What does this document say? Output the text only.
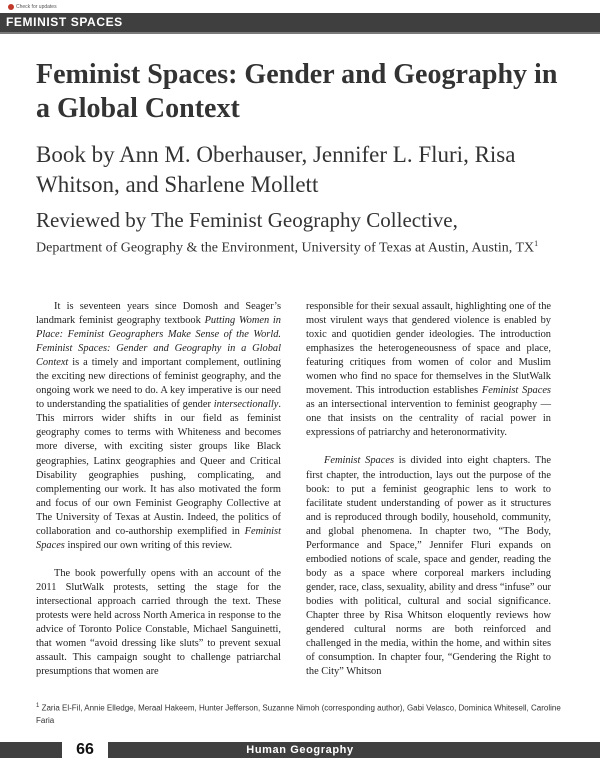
Check for updates
FEMINIST SPACES
Feminist Spaces: Gender and Geography in a Global Context
Book by Ann M. Oberhauser, Jennifer L. Fluri, Risa Whitson, and Sharlene Mollett
Reviewed by The Feminist Geography Collective,
Department of Geography & the Environment, University of Texas at Austin, Austin, $TX^1$

It is seventeen years since Domosh and Seager’s landmark feminist geography textbook Putting Women in Place: Feminist Geographers Make Sense of the World. Feminist Spaces: Gender and Geography in a Global Context is a timely and important complement, outlining the exciting new directions of feminist geography, and the ongoing work we need to do. A key imperative is our need to understanding the spatialities of gender intersectionally. This mirrors wider shifts in our field as feminist geography comes to terms with Whiteness and becomes more diverse, with exciting sister groups like Black geographies, Latinx geographies and Queer and Critical Disability geographies pushing, complicating, and complementing our work. It has also motivated the form and focus of our own Feminist Geography Collective at The University of Texas at Austin. Indeed, the politics of collaboration and co-authorship exemplified in Feminist Spaces inspired our own writing of this review.

The book powerfully opens with an account of the 2011 SlutWalk protests, setting the stage for the intersectional approach carried through the text. These protests were held across North America in response to the advice of Toronto Police Constable, Michael Sanguinetti, that women “avoid dressing like sluts” to prevent sexual assault. This campaign sought to challenge patriarchal presumptions that women are

responsible for their sexual assault, highlighting one of the most virulent ways that gendered violence is enabled by toxic and quotidien gender ideologies. The introduction emphasizes the heterogeneousness of space and place, featuring critiques from women of color and Muslim women who find no space for themselves in the SlutWalk movement. This introduction establishes Feminist Spaces as an intersectional intervention to feminist geography — one that insists on the centrality of racial power in expressions of patriarchy and heteronormativity.

Feminist Spaces is divided into eight chapters. The first chapter, the introduction, lays out the purpose of the book: to put a feminist geographic lens to work to facilitate student understanding of power as it structures and is reproduced through bodily, household, community, and global phenomena. In chapter two, “The Body, Performance and Space,” Jennifer Fluri expands on embodied notions of scale, space and gender, reading the body as a space where corporeal markers including gender, race, class, sexuality, ability and dress “infuse” our bodies with political, cultural and social significance. Chapter three by Risa Whitson eloquently reviews how gendered cultural norms are both reinforced and challenged in the media, within the home, and within sites of consumption. In chapter four, “Gendering the Right to the City” Whitson

$^1$ Zaria El-Fil, Annie Elledge, Meraal Hakeem, Hunter Jefferson, Suzanne Nimoh (corresponding author), Gabi Velasco, Dominica Whitesell, Caroline Faria
Human Geography
66
